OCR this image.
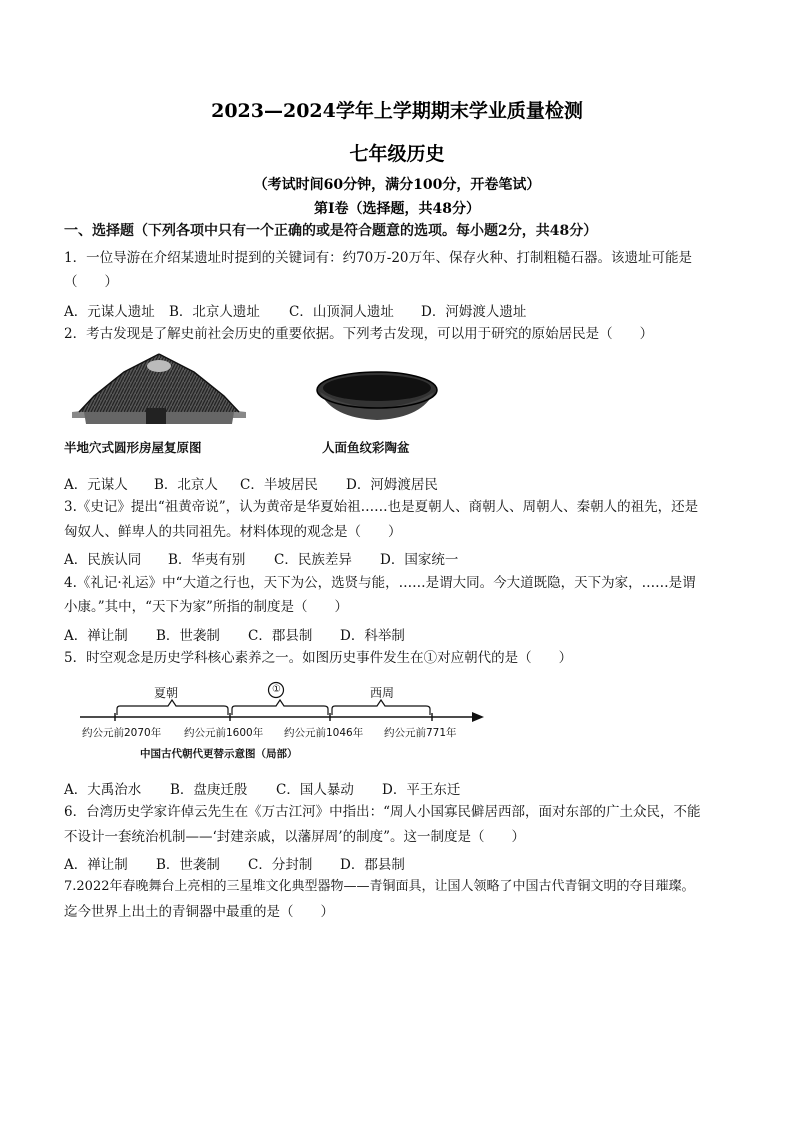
2023—2024学年上学期期末学业质量检测
七年级历史
（考试时间60分钟，满分100分，开卷笔试）
第Ⅰ卷（选择题，共48分）
一、选择题（下列各项中只有一个正确的或是符合题意的选项。每小题2分，共48分）
1．一位导游在介绍某遗址时提到的关键词有：约70万-20万年、保存火种、打制粗糙石器。该遗址可能是
（　　）
A．元谋人遗址 B．北京人遗址 C．山顶洞人遗址 D．河姆渡人遗址
2．考古发现是了解史前社会历史的重要依据。下列考古发现，可以用于研究的原始居民是（　　）
半地穴式圆形房屋复原图	人面鱼纹彩陶盆
A．元谋人 B．北京人 C．半坡居民 D．河姆渡居民
3.《史记》提出“祖黄帝说”，认为黄帝是华夏始祖……也是夏朝人、商朝人、周朝人、秦朝人的祖先，还是
匈奴人、鲜卑人的共同祖先。材料体现的观念是（　　）
A．民族认同 B．华夷有别 C．民族差异 D．国家统一
4.《礼记·礼运》中“大道之行也，天下为公，选贤与能，……是谓大同。今大道既隐，天下为家，……是谓
小康。”其中，“天下为家”所指的制度是（　　）
A．禅让制 B．世袭制 C．郡县制 D．科举制
5．时空观念是历史学科核心素养之一。如图历史事件发生在①对应朝代的是（　　）
夏朝	①	西周
约公元前2070年 约公元前1600年 约公元前1046年 约公元前771年
中国古代朝代更替示意图（局部）
A．大禹治水 B．盘庚迁殷 C．国人暴动 D．平王东迁
6．台湾历史学家许倬云先生在《万古江河》中指出：“周人小国寡民僻居西部，面对东部的广土众民，不能
不设计一套统治机制——‘封建亲戚，以藩屏周’的制度”。这一制度是（　　）
A．禅让制 B．世袭制 C．分封制 D．郡县制
7.2022年春晚舞台上亮相的三星堆文化典型器物——青铜面具，让国人领略了中国古代青铜文明的夺目璀璨。
迄今世界上出土的青铜器中最重的是（　　）
